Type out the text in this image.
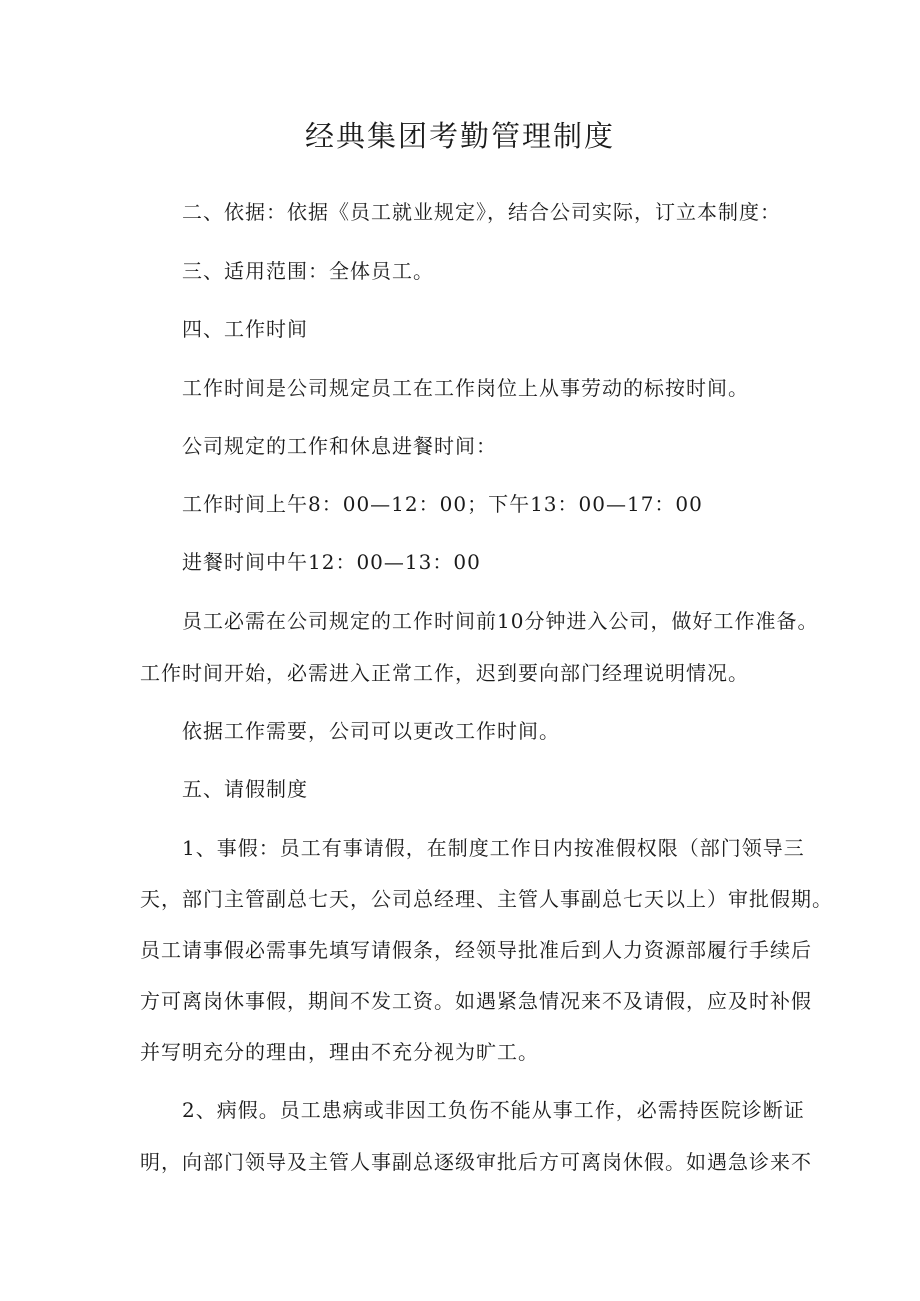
经典集团考勤管理制度
二、依据：依据《员工就业规定》，结合公司实际，订立本制度：
三、适用范围：全体员工。
四、工作时间
工作时间是公司规定员工在工作岗位上从事劳动的标按时间。
公司规定的工作和休息进餐时间：
工作时间上午8：00—12：00；下午13：00—17：00
进餐时间中午12：00—13：00
员工必需在公司规定的工作时间前10分钟进入公司，做好工作准备。
工作时间开始，必需进入正常工作，迟到要向部门经理说明情况。
依据工作需要，公司可以更改工作时间。
五、请假制度
1、事假：员工有事请假，在制度工作日内按准假权限（部门领导三
天，部门主管副总七天，公司总经理、主管人事副总七天以上）审批假期。
员工请事假必需事先填写请假条，经领导批准后到人力资源部履行手续后
方可离岗休事假，期间不发工资。如遇紧急情况来不及请假，应及时补假
并写明充分的理由，理由不充分视为旷工。
2、病假。员工患病或非因工负伤不能从事工作，必需持医院诊断证
明，向部门领导及主管人事副总逐级审批后方可离岗休假。如遇急诊来不
